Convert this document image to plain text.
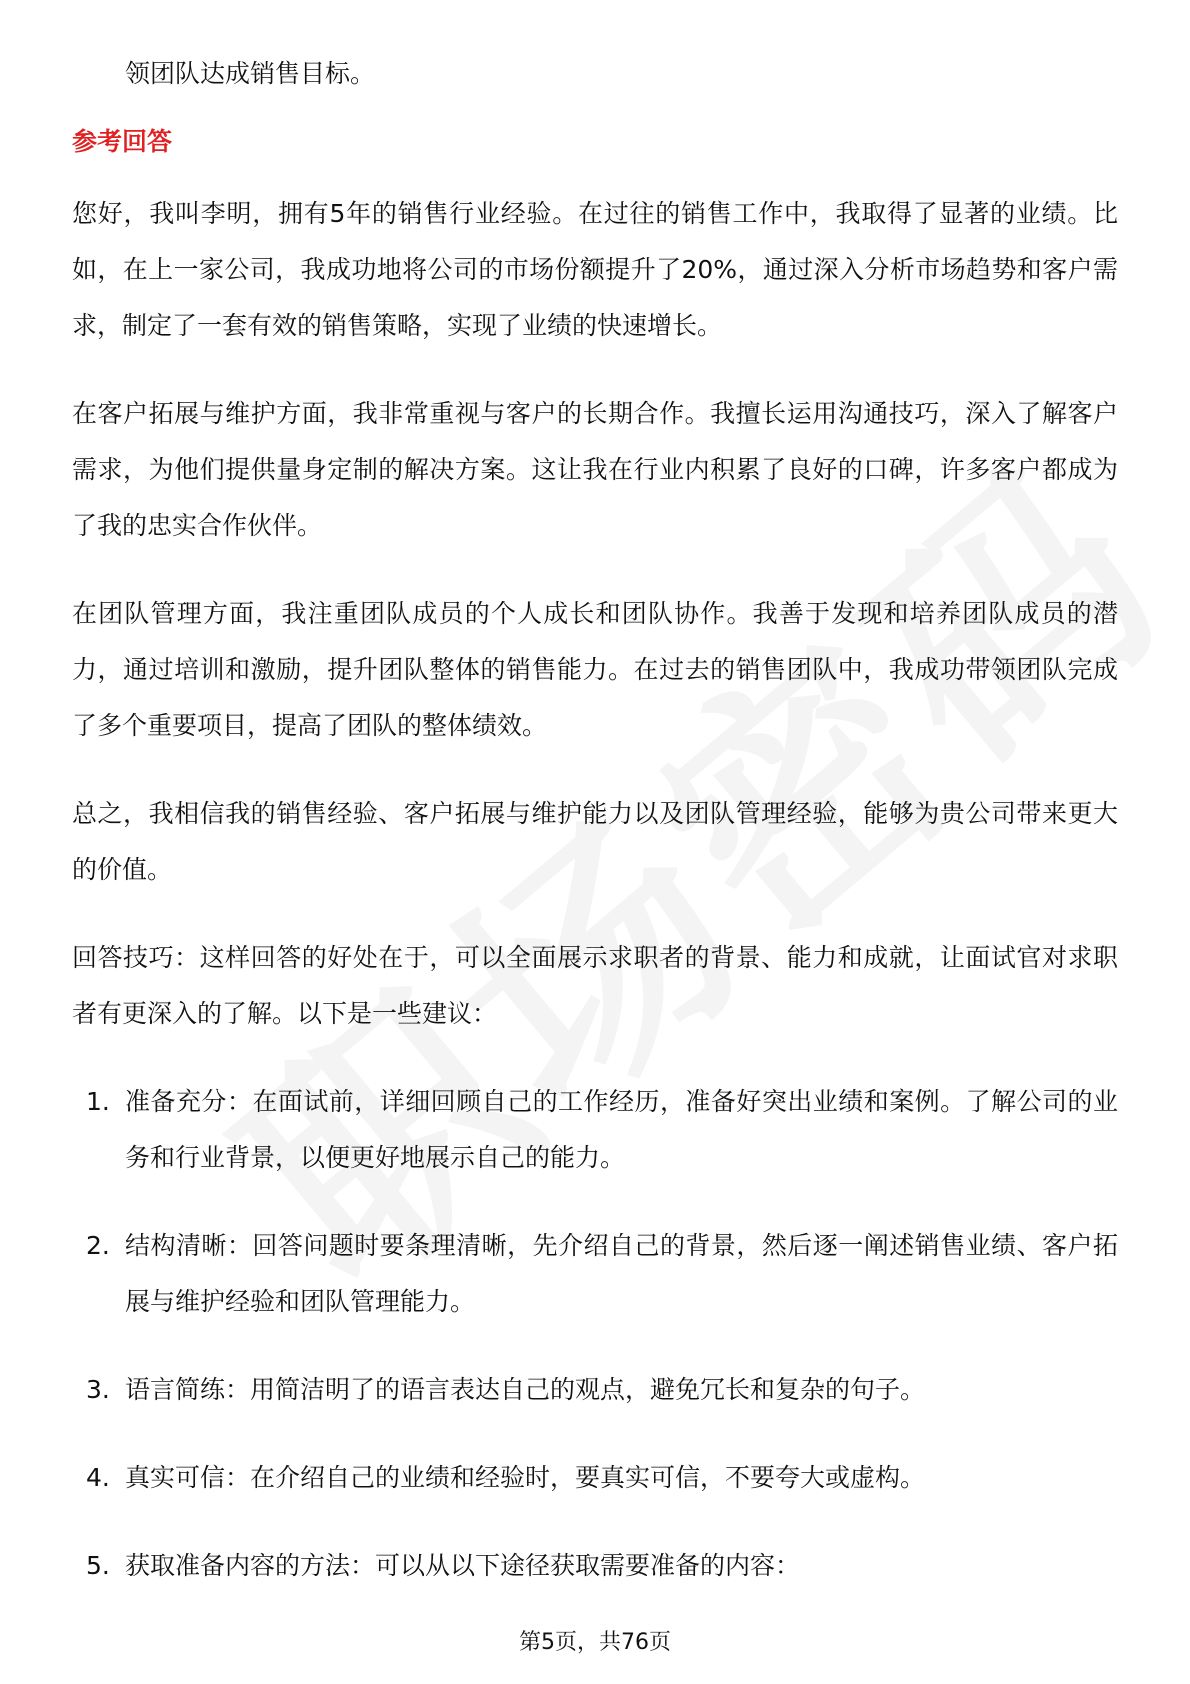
领团队达成销售目标。
参考回答

您好，我叫李明，拥有5年的销售行业经验。在过往的销售工作中，我取得了显著的业绩。比如，在上一家公司，我成功地将公司的市场份额提升了20%，通过深入分析市场趋势和客户需求，制定了一套有效的销售策略，实现了业绩的快速增长。

在客户拓展与维护方面，我非常重视与客户的长期合作。我擅长运用沟通技巧，深入了解客户需求，为他们提供量身定制的解决方案。这让我在行业内积累了良好的口碑，许多客户都成为了我的忠实合作伙伴。

在团队管理方面，我注重团队成员的个人成长和团队协作。我善于发现和培养团队成员的潜力，通过培训和激励，提升团队整体的销售能力。在过去的销售团队中，我成功带领团队完成了多个重要项目，提高了团队的整体绩效。

总之，我相信我的销售经验、客户拓展与维护能力以及团队管理经验，能够为贵公司带来更大的价值。

回答技巧：这样回答的好处在于，可以全面展示求职者的背景、能力和成就，让面试官对求职者有更深入的了解。以下是一些建议：

1. 准备充分：在面试前，详细回顾自己的工作经历，准备好突出业绩和案例。了解公司的业务和行业背景，以便更好地展示自己的能力。
2. 结构清晰：回答问题时要条理清晰，先介绍自己的背景，然后逐一阐述销售业绩、客户拓展与维护经验和团队管理能力。
3. 语言简练：用简洁明了的语言表达自己的观点，避免冗长和复杂的句子。
4. 真实可信：在介绍自己的业绩和经验时，要真实可信，不要夸大或虚构。
5. 获取准备内容的方法：可以从以下途径获取需要准备的内容：
第5页，共76页
